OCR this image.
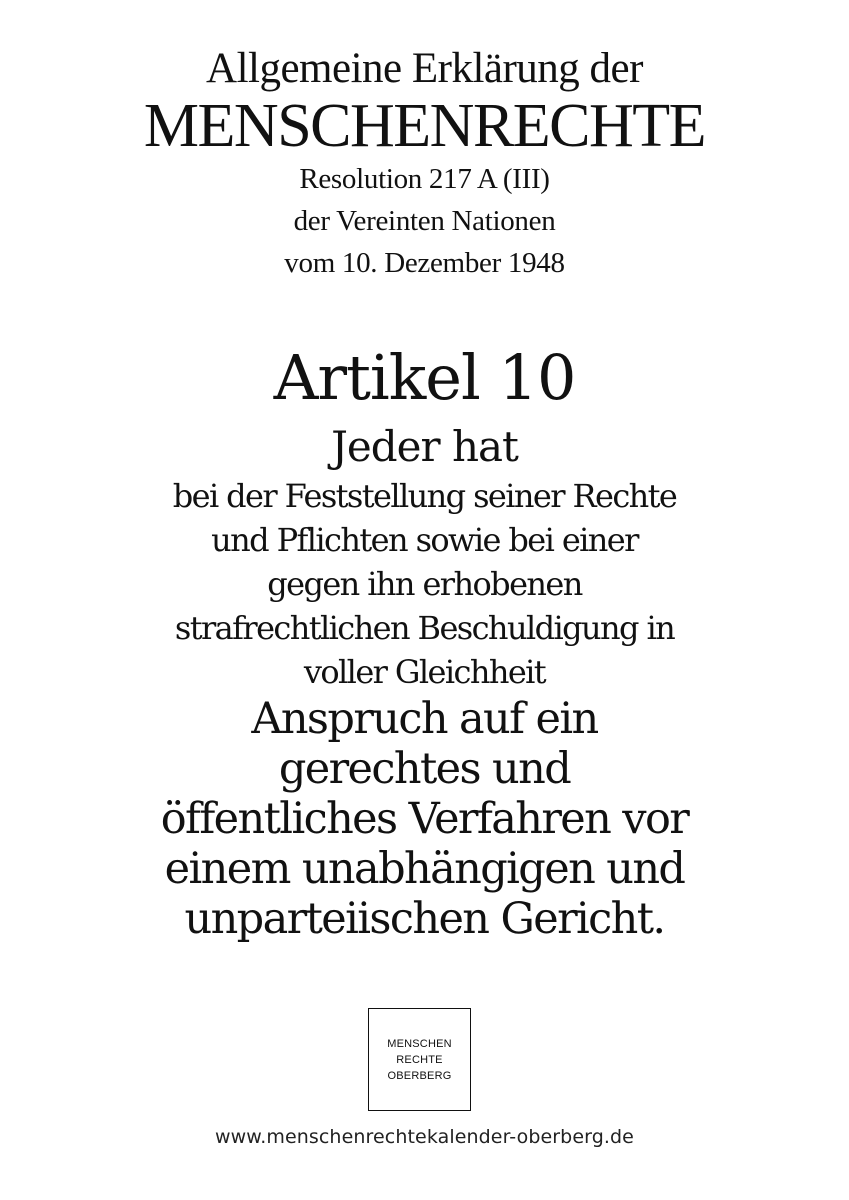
Allgemeine Erklärung der
MENSCHENRECHTE
Resolution 217 A (III)
der Vereinten Nationen
vom 10. Dezember 1948
Artikel 10
Jeder hat
bei der Feststellung seiner Rechte
und Pflichten sowie bei einer
gegen ihn erhobenen
strafrechtlichen Beschuldigung in
voller Gleichheit
Anspruch auf ein
gerechtes und
öffentliches Verfahren vor
einem unabhängigen und
unparteiischen Gericht.
MENSCHEN
RECHTE
OBERBERG
www.menschenrechtekalender-oberberg.de
